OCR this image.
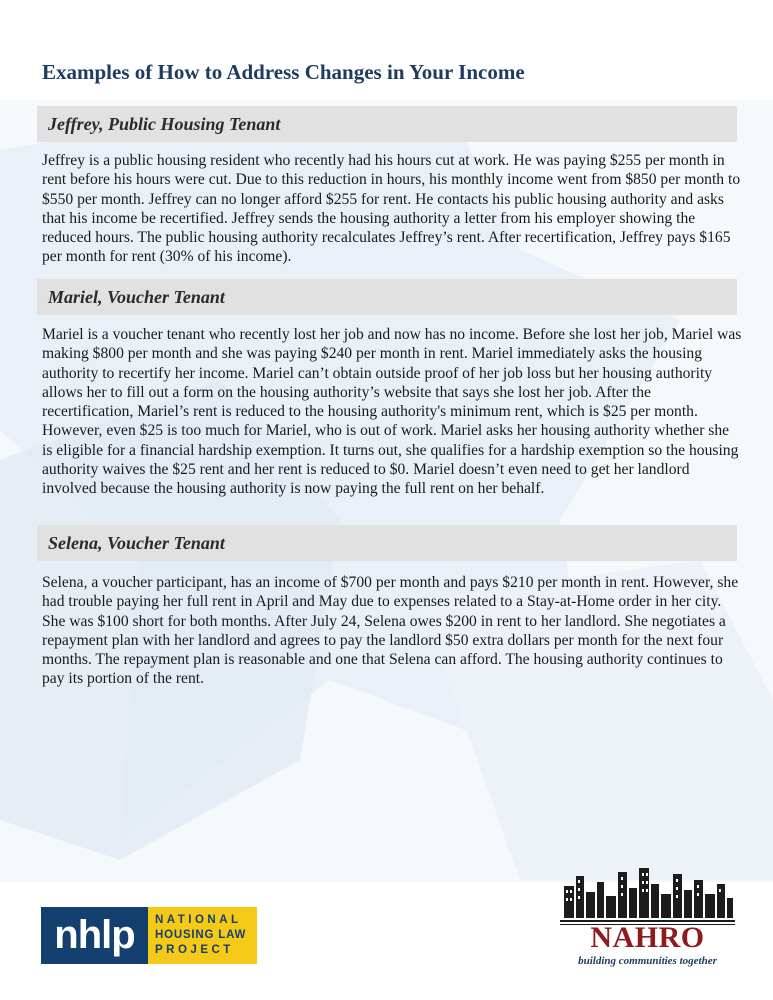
Examples of How to Address Changes in Your Income
Jeffrey, Public Housing Tenant

Jeffrey is a public housing resident who recently had his hours cut at work. He was paying $255 per month in rent before his hours were cut. Due to this reduction in hours, his monthly income went from $850 per month to $550 per month. Jeffrey can no longer afford $255 for rent. He contacts his public housing authority and asks that his income be recertified. Jeffrey sends the housing authority a letter from his employer showing the reduced hours. The public housing authority recalculates Jeffrey’s rent. After recertification, Jeffrey pays $165 per month for rent (30% of his income).

Mariel, Voucher Tenant

Mariel is a voucher tenant who recently lost her job and now has no income. Before she lost her job, Mariel was making $800 per month and she was paying $240 per month in rent. Mariel immediately asks the housing authority to recertify her income. Mariel can’t obtain outside proof of her job loss but her housing authority allows her to fill out a form on the housing authority’s website that says she lost her job. After the recertification, Mariel’s rent is reduced to the housing authority's minimum rent, which is $25 per month. However, even $25 is too much for Mariel, who is out of work. Mariel asks her housing authority whether she is eligible for a financial hardship exemption. It turns out, she qualifies for a hardship exemption so the housing authority waives the $25 rent and her rent is reduced to $0. Mariel doesn’t even need to get her landlord involved because the housing authority is now paying the full rent on her behalf.

Selena, Voucher Tenant

Selena, a voucher participant, has an income of $700 per month and pays $210 per month in rent. However, she had trouble paying her full rent in April and May due to expenses related to a Stay-at-Home order in her city. She was $100 short for both months. After July 24, Selena owes $200 in rent to her landlord. She negotiates a repayment plan with her landlord and agrees to pay the landlord $50 extra dollars per month for the next four months. The repayment plan is reasonable and one that Selena can afford. The housing authority continues to pay its portion of the rent.

nhlp	NATIONAL
HOUSING LAW
PROJECT	NAHRO
building communities together
